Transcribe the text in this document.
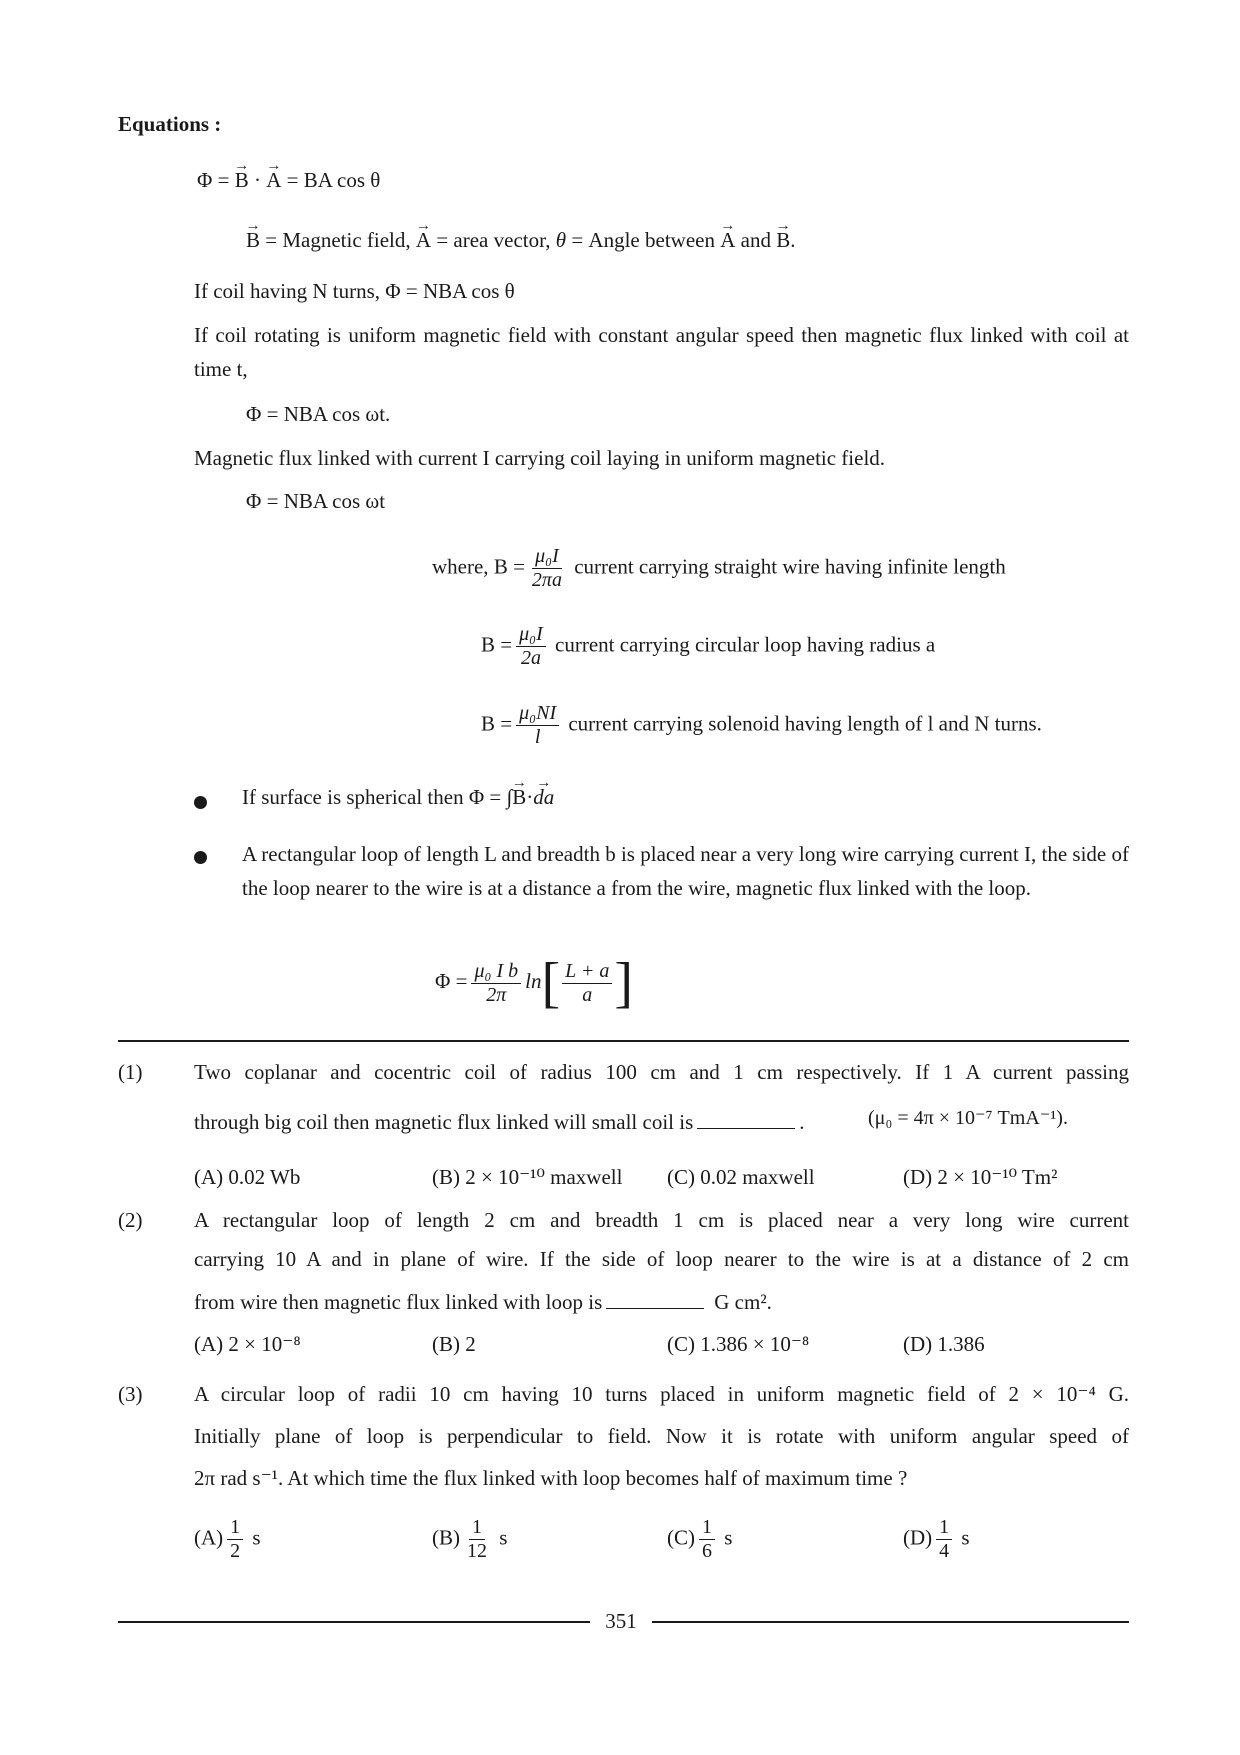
Equations :
Φ = → B · → A = BA cos θ
→ B = Magnetic field, → A = area vector, θ = Angle between → A and → B.
If coil having N turns, Φ = NBA cos θ
If coil rotating is uniform magnetic field with constant angular speed then magnetic flux linked with coil at time t,
Φ = NBA cos ωt.
Magnetic flux linked with current I carrying coil laying in uniform magnetic field.
Φ = NBA cos ωt
where, $B = \frac{\text{μ₀I}}{2\pi a}$ current carrying straight wire having infinite length
$B = \frac{\text{μ₀I}}{2a}$ current carrying circular loop having radius a
$B = \frac{\text{μ₀NI}}{l}$ current carrying solenoid having length of l and N turns.
If surface is spherical then Φ = ∫→ B·→ da
A rectangular loop of length L and breadth b is placed near a very long wire carrying current I, the side of the loop nearer to the wire is at a distance a from the wire, magnetic flux linked with the loop.
$\Phi = \frac{\text{μ₀ I b}}{2\pi} \ln[ \frac{L + a}{a}$ ]
(1) Two coplanar and cocentric coil of radius 100 cm and 1 cm respectively. If 1 A current passing
through big coil then magnetic flux linked will small coil is	.	(μ₀ = 4π × 10⁻⁷ TmA⁻¹).
(A) 0.02 Wb	(B) 2 × 10⁻¹⁰ maxwell (C) 0.02 maxwell	(D) 2 × 10⁻¹⁰ Tm²
(2) A rectangular loop of length 2 cm and breadth 1 cm is placed near a very long wire current
carrying 10 A and in plane of wire. If the side of loop nearer to the wire is at a distance of 2 cm
from wire then magnetic flux linked with loop is	G cm².
(A) 2 × 10⁻⁸	(B) 2	(C) 1.386 × 10⁻⁸	(D) 1.386
(3) A circular loop of radii 10 cm having 10 turns placed in uniform magnetic field of 2 × 10⁻⁴ G.
Initially plane of loop is perpendicular to field. Now it is rotate with uniform angular speed of
2π rad s⁻¹. At which time the flux linked with loop becomes half of maximum time ?
$(A) \frac{1}{2}$ s	$(B) \frac{1}{12}$ s	$(C) \frac{1}{6}$ s	$(D) \frac{1}{4}$ s
351
